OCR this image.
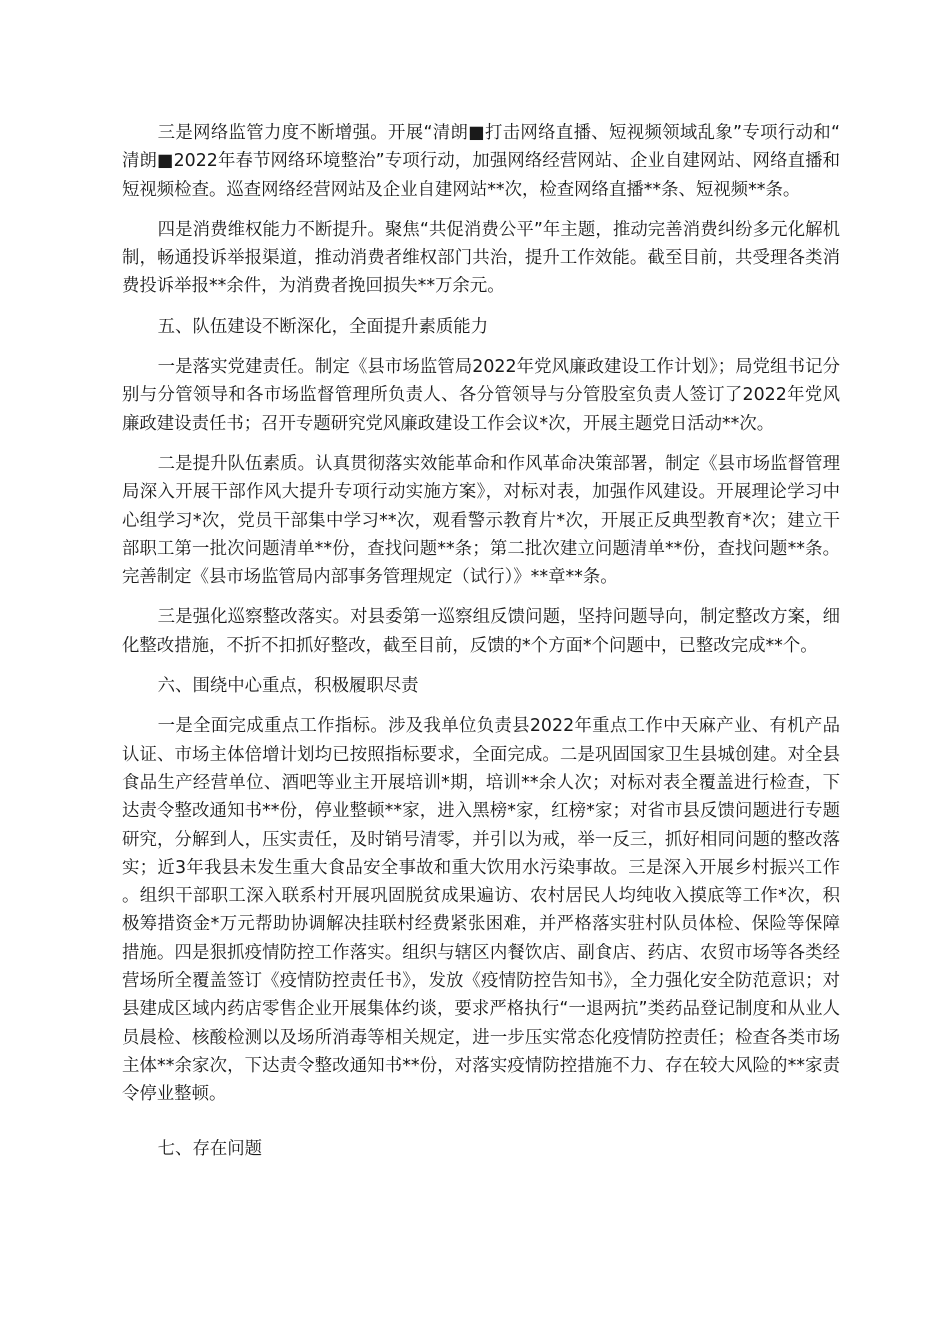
三是网络监管力度不断增强。开展“清朗■打击网络直播、短视频领域乱象”专项行动和“清朗■2022年春节网络环境整治”专项行动，加强网络经营网站、企业自建网站、网络直播和短视频检查。巡查网络经营网站及企业自建网站**次，检查网络直播**条、短视频**条。

四是消费维权能力不断提升。聚焦“共促消费公平”年主题，推动完善消费纠纷多元化解机制，畅通投诉举报渠道，推动消费者维权部门共治，提升工作效能。截至目前，共受理各类消费投诉举报**余件，为消费者挽回损失**万余元。

五、队伍建设不断深化，全面提升素质能力

一是落实党建责任。制定《县市场监管局2022年党风廉政建设工作计划》；局党组书记分别与分管领导和各市场监督管理所负责人、各分管领导与分管股室负责人签订了2022年党风廉政建设责任书；召开专题研究党风廉政建设工作会议*次，开展主题党日活动**次。

二是提升队伍素质。认真贯彻落实效能革命和作风革命决策部署，制定《县市场监督管理局深入开展干部作风大提升专项行动实施方案》，对标对表，加强作风建设。开展理论学习中心组学习*次，党员干部集中学习**次，观看警示教育片*次，开展正反典型教育*次；建立干部职工第一批次问题清单**份，查找问题**条；第二批次建立问题清单**份，查找问题**条。完善制定《县市场监管局内部事务管理规定（试行）》**章**条。

三是强化巡察整改落实。对县委第一巡察组反馈问题，坚持问题导向，制定整改方案，细化整改措施，不折不扣抓好整改，截至目前，反馈的*个方面*个问题中，已整改完成**个。

六、围绕中心重点，积极履职尽责

一是全面完成重点工作指标。涉及我单位负责县2022年重点工作中天麻产业、有机产品认证、市场主体倍增计划均已按照指标要求，全面完成。二是巩固国家卫生县城创建。对全县食品生产经营单位、酒吧等业主开展培训*期，培训**余人次；对标对表全覆盖进行检查，下达责令整改通知书**份，停业整顿**家，进入黑榜*家，红榜*家；对省市县反馈问题进行专题研究，分解到人，压实责任，及时销号清零，并引以为戒，举一反三，抓好相同问题的整改落实；近3年我县未发生重大食品安全事故和重大饮用水污染事故。三是深入开展乡村振兴工作。组织干部职工深入联系村开展巩固脱贫成果遍访、农村居民人均纯收入摸底等工作*次，积极筹措资金*万元帮助协调解决挂联村经费紧张困难，并严格落实驻村队员体检、保险等保障措施。四是狠抓疫情防控工作落实。组织与辖区内餐饮店、副食店、药店、农贸市场等各类经营场所全覆盖签订《疫情防控责任书》，发放《疫情防控告知书》，全力强化安全防范意识；对县建成区域内药店零售企业开展集体约谈，要求严格执行“一退两抗”类药品登记制度和从业人员晨检、核酸检测以及场所消毒等相关规定，进一步压实常态化疫情防控责任；检查各类市场主体**余家次，下达责令整改通知书**份，对落实疫情防控措施不力、存在较大风险的**家责令停业整顿。

七、存在问题
